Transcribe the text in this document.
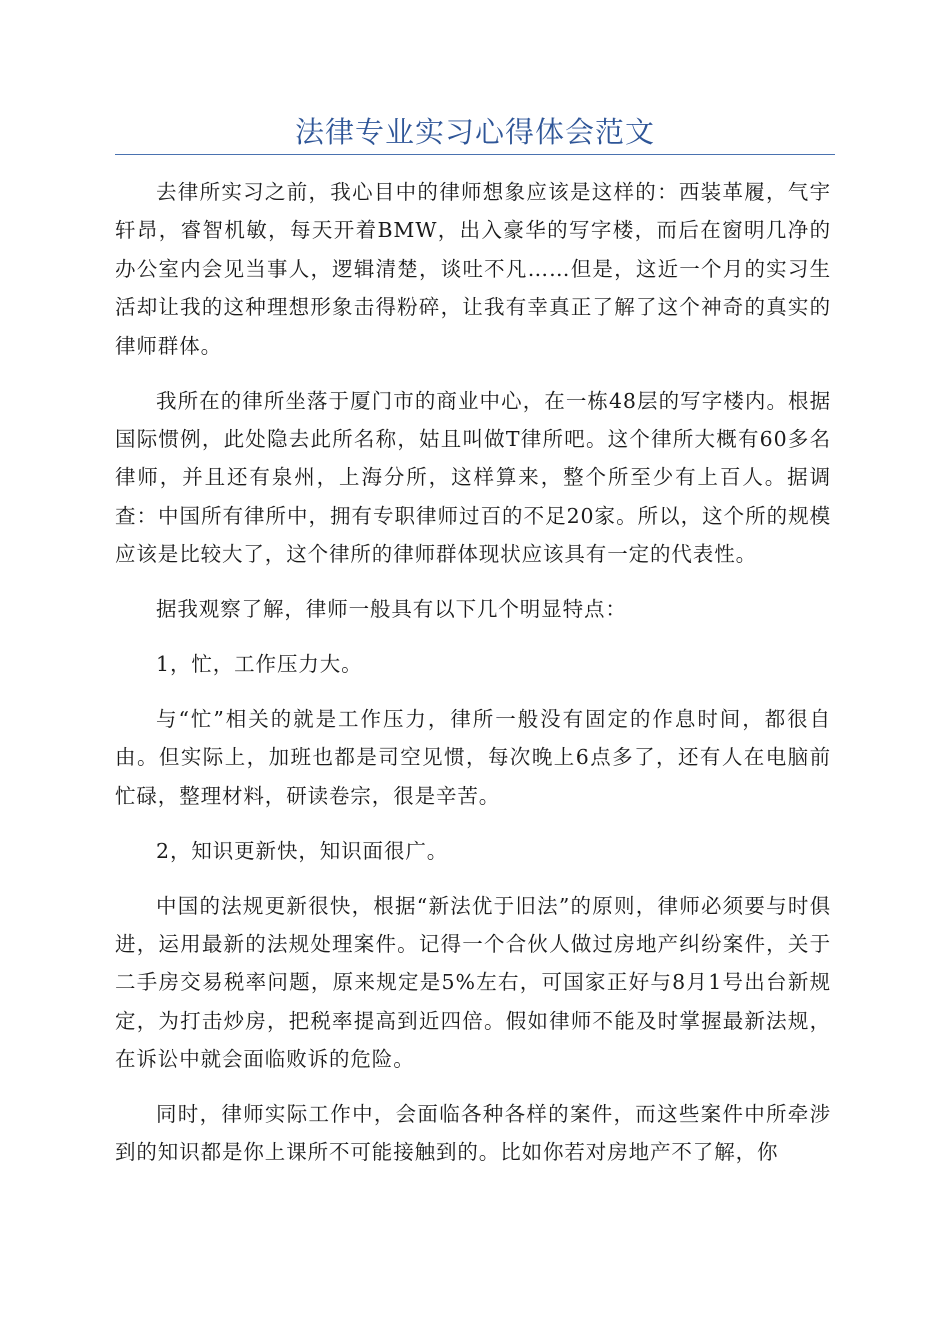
法律专业实习心得体会范文

去律所实习之前，我心目中的律师想象应该是这样的：西装革履，气宇轩昂，睿智机敏，每天开着BMW，出入豪华的写字楼，而后在窗明几净的办公室内会见当事人，逻辑清楚，谈吐不凡……但是，这近一个月的实习生活却让我的这种理想形象击得粉碎，让我有幸真正了解了这个神奇的真实的律师群体。

我所在的律所坐落于厦门市的商业中心，在一栋48层的写字楼内。根据国际惯例，此处隐去此所名称，姑且叫做T律所吧。这个律所大概有60多名律师，并且还有泉州，上海分所，这样算来，整个所至少有上百人。据调查：中国所有律所中，拥有专职律师过百的不足20家。所以，这个所的规模应该是比较大了，这个律所的律师群体现状应该具有一定的代表性。

据我观察了解，律师一般具有以下几个明显特点：

1，忙，工作压力大。

与“忙”相关的就是工作压力，律所一般没有固定的作息时间，都很自由。但实际上，加班也都是司空见惯，每次晚上6点多了，还有人在电脑前忙碌，整理材料，研读卷宗，很是辛苦。

2，知识更新快，知识面很广。

中国的法规更新很快，根据“新法优于旧法”的原则，律师必须要与时俱进，运用最新的法规处理案件。记得一个合伙人做过房地产纠纷案件，关于二手房交易税率问题，原来规定是5%左右，可国家正好与8月1号出台新规定，为打击炒房，把税率提高到近四倍。假如律师不能及时掌握最新法规，在诉讼中就会面临败诉的危险。

同时，律师实际工作中，会面临各种各样的案件，而这些案件中所牵涉到的知识都是你上课所不可能接触到的。比如你若对房地产不了解，你
